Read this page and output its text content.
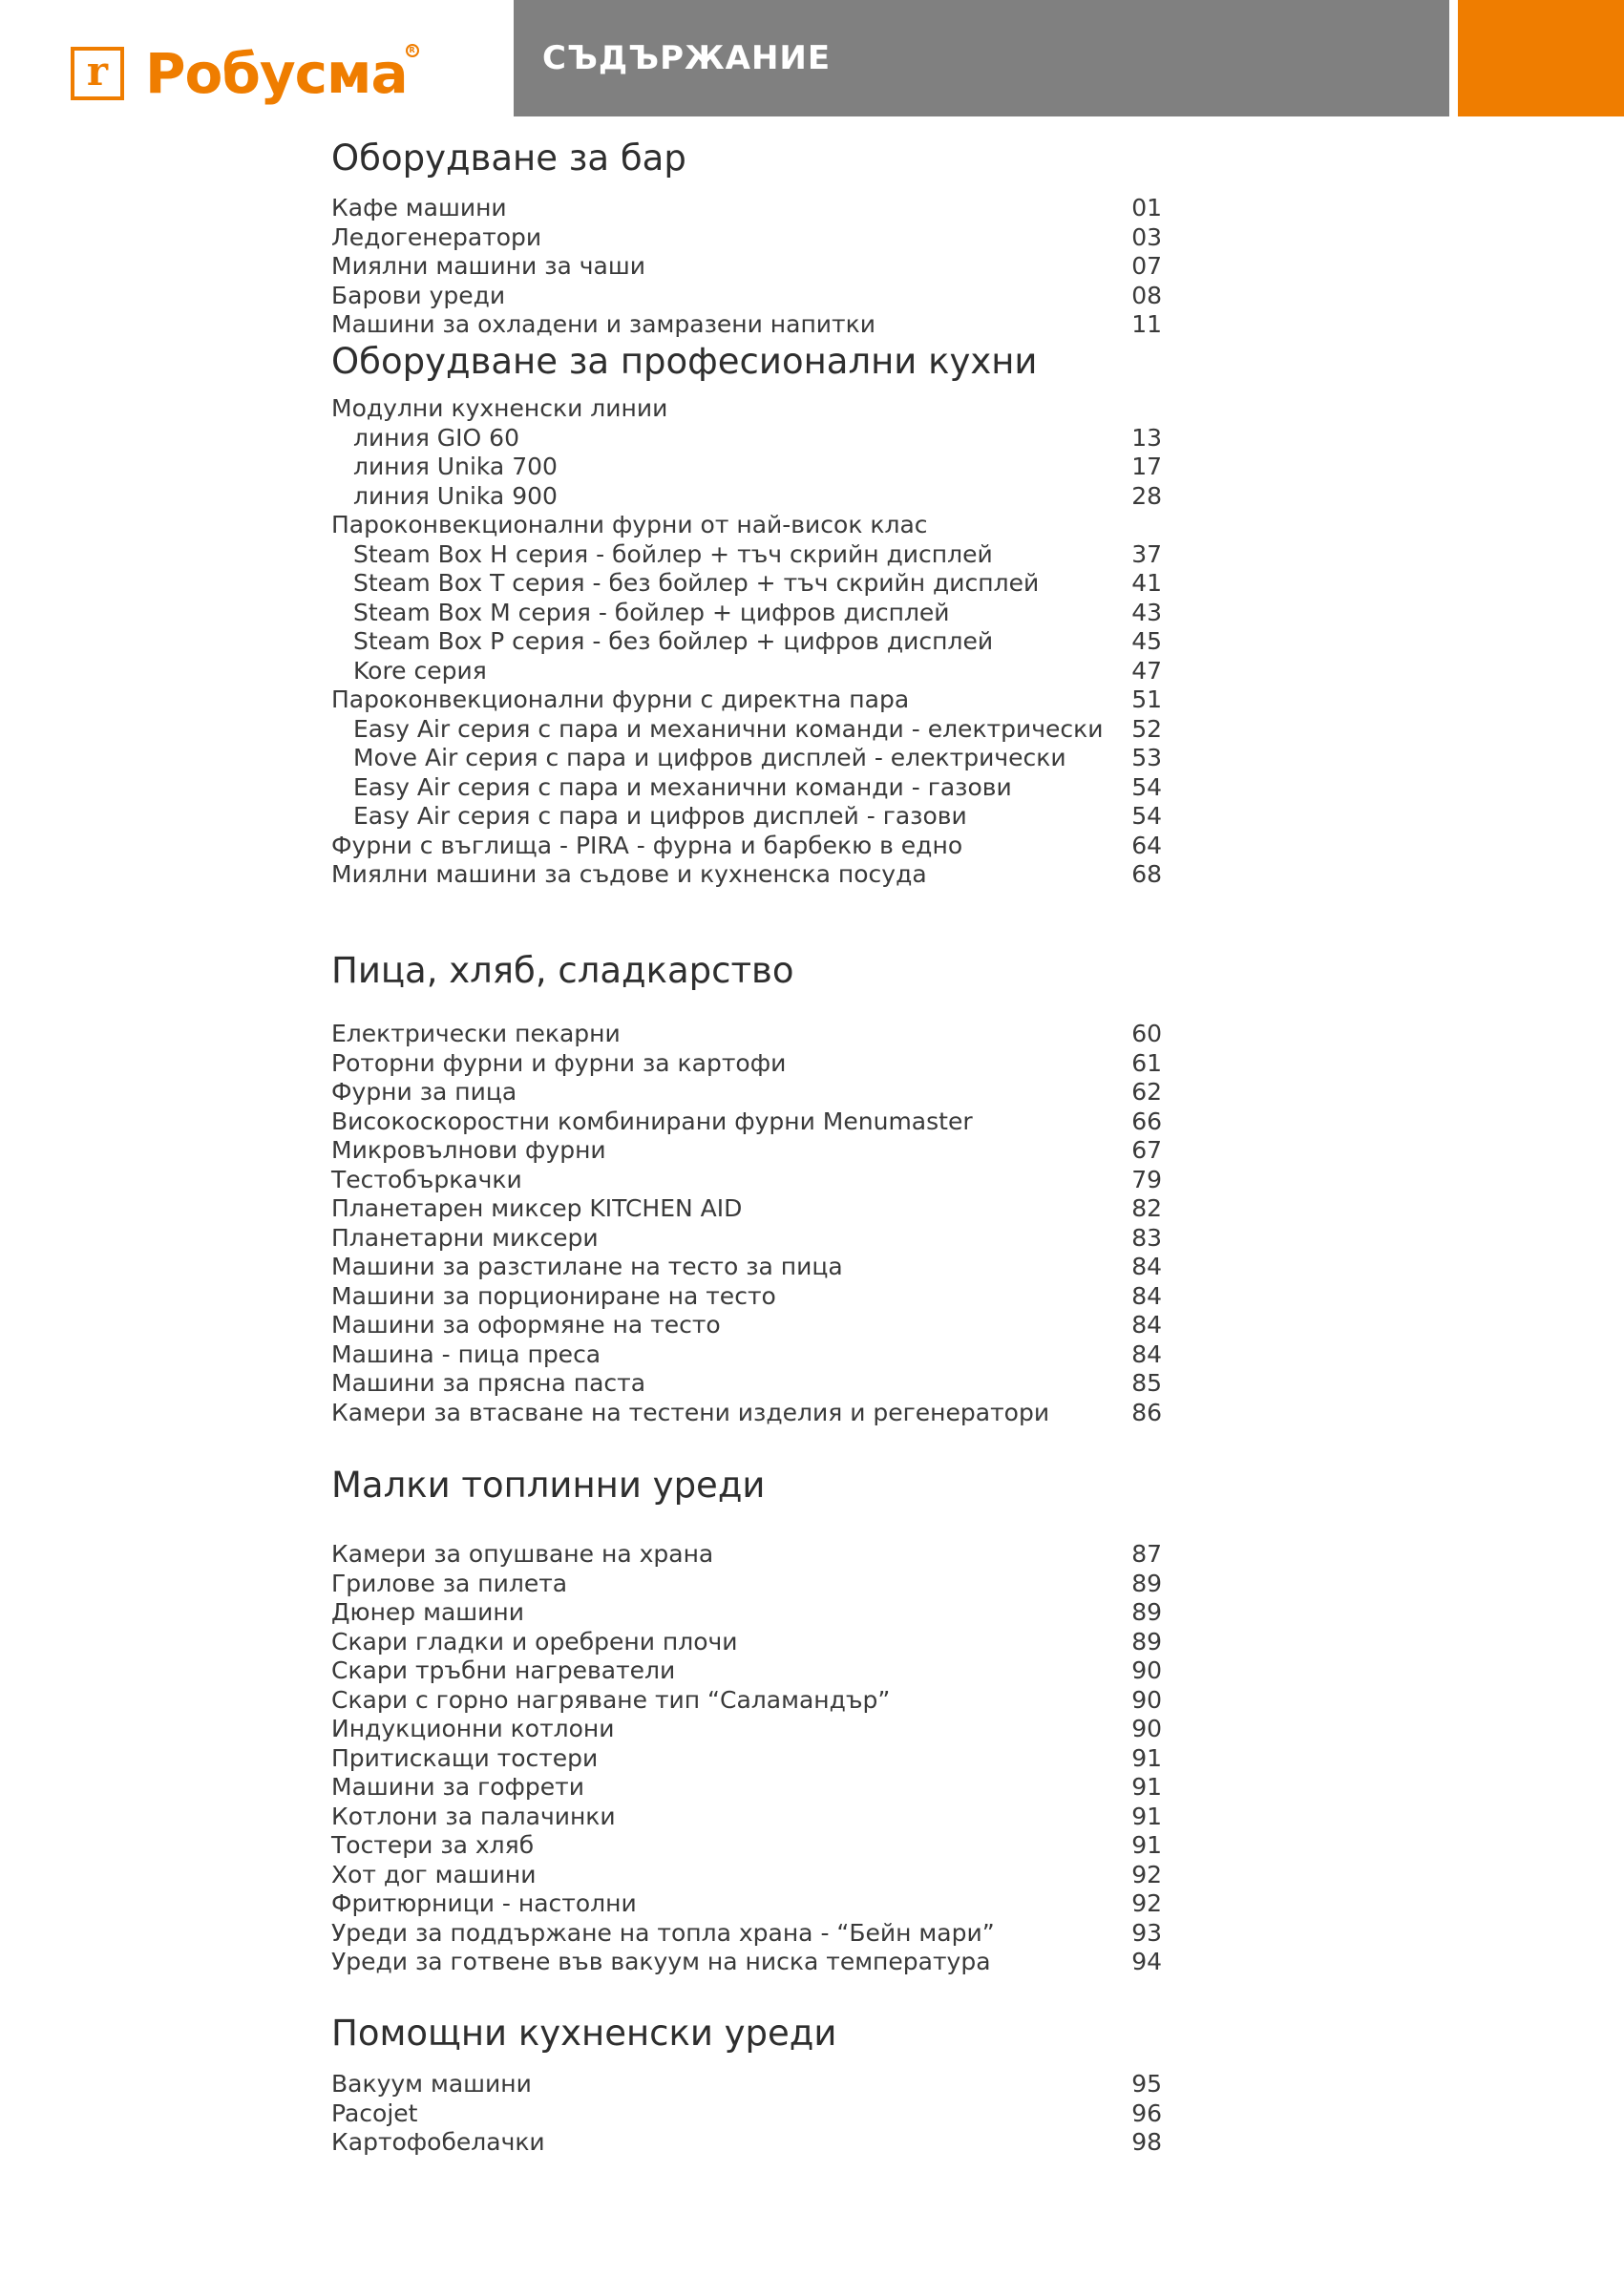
r Робусма R	СЪДЪРЖАНИЕ
Оборудване за бар
Кафе машини	01
Ледогенератори	03
Миялни машини за чаши	07
Барови уреди	08
Машини за охладени и замразени напитки	11
Оборудване за професионални кухни
Модулни кухненски линии
линия GIO 60	13
линия Unika 700	17
линия Unika 900	28
Пароконвекционални фурни от най-висок клас
Steam Box H серия - бойлер + тъч скрийн дисплей	37
Steam Box T серия - без бойлер + тъч скрийн дисплей	41
Steam Box M серия - бойлер + цифров дисплей	43
Steam Box P серия - без бойлер + цифров дисплей	45
Kore серия	47
Пароконвекционални фурни с директна пара	51
Easy Air серия с пара и механични команди - електрически	52
Move Air серия с пара и цифров дисплей - електрически	53
Easy Air серия с пара и механични команди - газови	54
Easy Air серия с пара и цифров дисплей - газови	54
Фурни с въглища - PIRA - фурна и барбекю в едно	64
Миялни машини за съдове и кухненска посуда	68
Пица, хляб, сладкарство
Електрически пекарни	60
Роторни фурни и фурни за картофи	61
Фурни за пица	62
Високоскоростни комбинирани фурни Menumaster	66
Микровълнови фурни	67
Тестобъркачки	79
Планетарен миксер KITCHEN AID	82
Планетарни миксери	83
Машини за разстилане на тесто за пица	84
Машини за порциониране на тесто	84
Машини за оформяне на тесто	84
Машина - пица преса	84
Машини за прясна паста	85
Камери за втасване на тестени изделия и регенератори	86
Малки топлинни уреди
Камери за опушване на храна	87
Грилове за пилета	89
Дюнер машини	89
Скари гладки и оребрени плочи	89
Скари тръбни нагреватели	90
Скари с горно нагряване тип “Саламандър”	90
Индукционни котлони	90
Притискащи тостери	91
Машини за гофрети	91
Котлони за палачинки	91
Тостери за хляб	91
Хот дог машини	92
Фритюрници - настолни	92
Уреди за поддържане на топла храна - “Бейн мари”	93
Уреди за готвене във вакуум на ниска температура	94
Помощни кухненски уреди
Вакуум машини	95
Pacojet	96
Картофобелачки	98
